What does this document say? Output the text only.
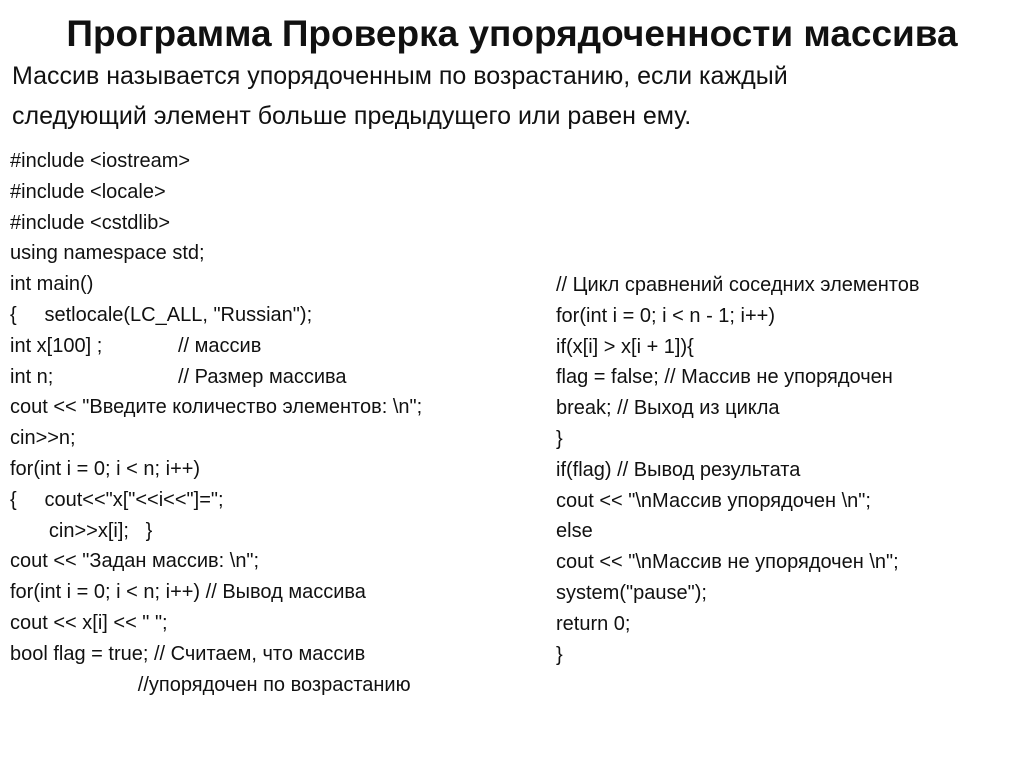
Программа Проверка упорядоченности массива

Массив называется упорядоченным по возрастанию, если каждый
следующий элемент больше предыдущего или равен ему.

#include <iostream>
#include <locale>
#include <cstdlib>
using namespace std;
int main()
{     setlocale(LC_ALL, "Russian");
int x[100] ;	// массив
int n;	// Размер массива
cout << "Введите количество элементов: \n";
cin>>n;
for(int i = 0; i < n; i++)
{     cout<<"x["<<i<<"]=";
cin>>x[i];   }
cout << "Задан массив: \n";
for(int i = 0; i < n; i++) // Вывод массива
cout << x[i] << " ";
bool flag = true; // Считаем, что массив
//упорядочен по возрастанию
// Цикл сравнений соседних элементов
for(int i = 0; i < n - 1; i++)
if(x[i] > x[i + 1]){
flag = false; // Массив не упорядочен
break; // Выход из цикла
}
if(flag) // Вывод результата
cout << "\nМассив упорядочен \n";
else
cout << "\nМассив не упорядочен \n";
system("pause");
return 0;
}
